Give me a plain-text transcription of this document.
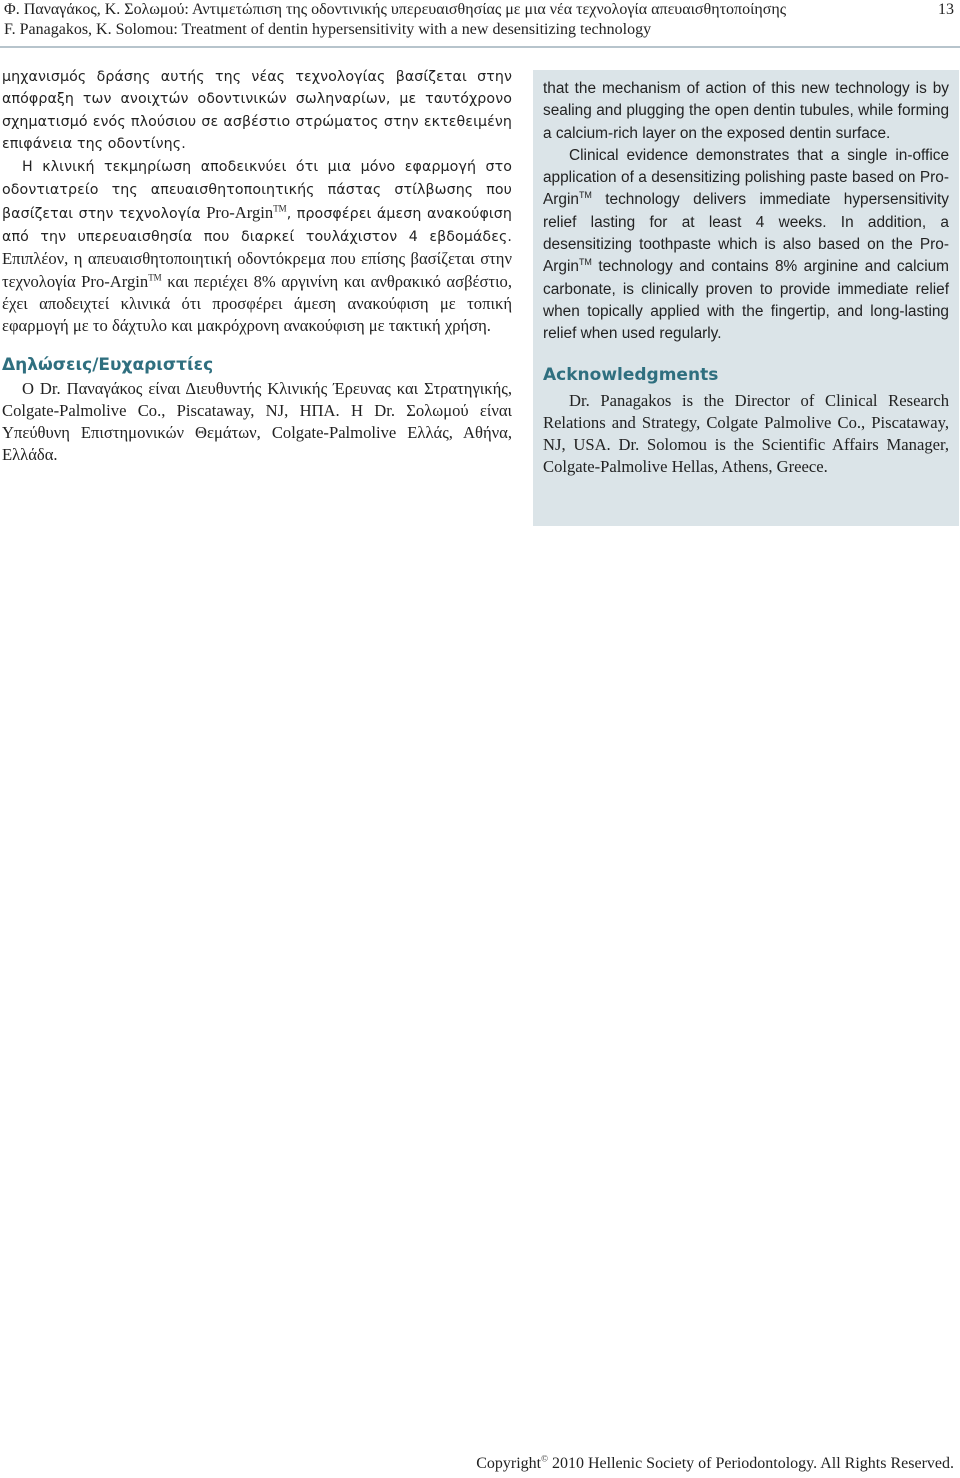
Φ. Παναγάκος, Κ. Σολωμού: Αντιμετώπιση της οδοντινικής υπερευαισθησίας με μια νέα τεχνολογία απευαισθητοποίησης
F. Panagakos, K. Solomou: Treatment of dentin hypersensitivity with a new desensitizing technology
13

μηχανισμός δράσης αυτής της νέας τεχνολογίας βασίζεται στην απόφραξη των ανοιχτών οδοντινικών σωληναρίων, με ταυτόχρονο σχηματισμό ενός πλούσιου σε ασβέστιο στρώματος στην εκτεθειμένη επιφάνεια της οδοντίνης.

Η κλινική τεκμηρίωση αποδεικνύει ότι μια μόνο εφαρμογή στο οδοντιατρείο της απευαισθητοποιητικής πάστας στίλβωσης που βασίζεται στην τεχνολογία Pro-Argin™, προσφέρει άμεση ανακούφιση από την υπερευαισθησία που διαρκεί τουλάχιστον 4 εβδομάδες. Επιπλέον, η απευαισθητοποιητική οδοντόκρεμα που επίσης βασίζεται στην τεχνολογία Pro-Argin™ και περιέχει 8% αργινίνη και ανθρακικό ασβέστιο, έχει αποδειχτεί κλινικά ότι προσφέρει άμεση ανακούφιση με τοπική εφαρμογή με το δάχτυλο και μακρόχρονη ανακούφιση με τακτική χρήση.

Δηλώσεις/Ευχαριστίες

Ο Dr. Παναγάκος είναι Διευθυντής Κλινικής Έρευνας και Στρατηγικής, Colgate-Palmolive Co., Piscataway, NJ, ΗΠΑ. Η Dr. Σολωμού είναι Υπεύθυνη Επιστημονικών Θεμάτων, Colgate-Palmolive Ελλάς, Αθήνα, Ελλάδα.

that the mechanism of action of this new technology is by sealing and plugging the open dentin tubules, while forming a calcium-rich layer on the exposed dentin surface.

Clinical evidence demonstrates that a single in-office application of a desensitizing polishing paste based on Pro-Argin™ technology delivers immediate hypersensitivity relief lasting for at least 4 weeks. In addition, a desensitizing toothpaste which is also based on the Pro-Argin™ technology and contains 8% arginine and calcium carbonate, is clinically proven to provide immediate relief when topically applied with the fingertip, and long-lasting relief when used regularly.

Acknowledgments

Dr. Panagakos is the Director of Clinical Research Relations and Strategy, Colgate Palmolive Co., Piscataway, NJ, USA. Dr. Solomou is the Scientific Affairs Manager, Colgate-Palmolive Hellas, Athens, Greece.

Copyright© 2010 Hellenic Society of Periodontology. All Rights Reserved.
